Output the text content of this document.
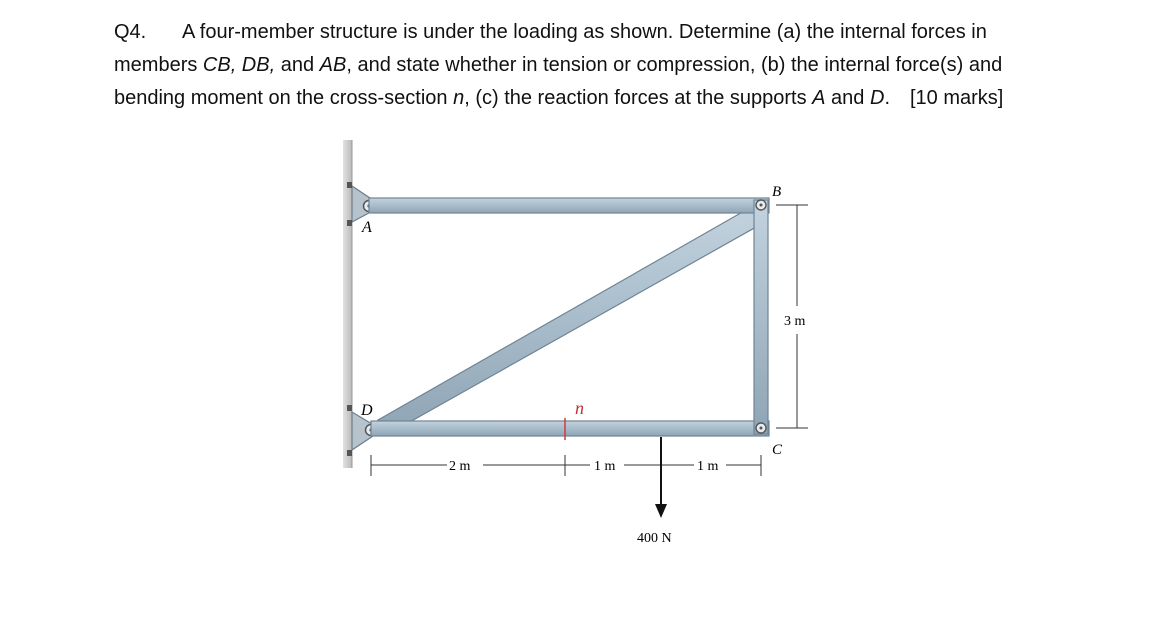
Q4. A four-member structure is under the loading as shown. Determine (a) the internal forces in
members CB, DB, and AB, and state whether in tension or compression, (b) the internal force(s) and
bending moment on the cross-section n, (c) the reaction forces at the supports A and D. [10 marks]

A
B
C
D	n
2 m	1 m	1 m
3 m
400 N
